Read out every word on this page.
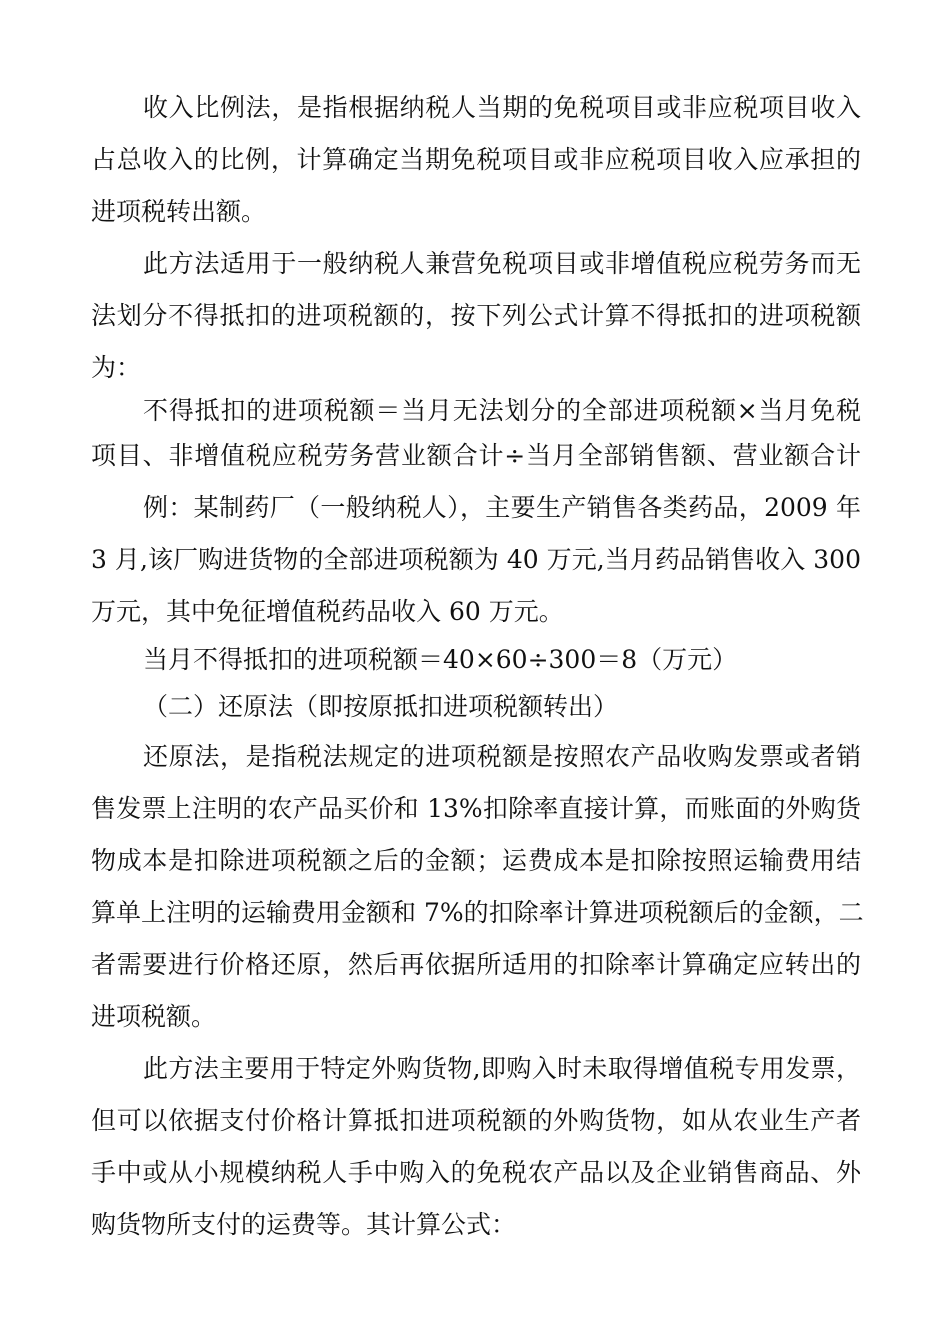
收入比例法，是指根据纳税人当期的免税项目或非应税项目收入
占总收入的比例，计算确定当期免税项目或非应税项目收入应承担的
进项税转出额。
此方法适用于一般纳税人兼营免税项目或非增值税应税劳务而无
法划分不得抵扣的进项税额的，按下列公式计算不得抵扣的进项税额
为：
不得抵扣的进项税额＝当月无法划分的全部进项税额×当月免税
项目、非增值税应税劳务营业额合计÷当月全部销售额、营业额合计
例：某制药厂（一般纳税人），主要生产销售各类药品，2009 年
3 月,该厂购进货物的全部进项税额为 40 万元,当月药品销售收入 300
万元，其中免征增值税药品收入 60 万元。
当月不得抵扣的进项税额＝40×60÷300＝8（万元）
（二）还原法（即按原抵扣进项税额转出）
还原法，是指税法规定的进项税额是按照农产品收购发票或者销
售发票上注明的农产品买价和 13%扣除率直接计算，而账面的外购货
物成本是扣除进项税额之后的金额；运费成本是扣除按照运输费用结
算单上注明的运输费用金额和 7%的扣除率计算进项税额后的金额，二
者需要进行价格还原，然后再依据所适用的扣除率计算确定应转出的
进项税额。
此方法主要用于特定外购货物,即购入时未取得增值税专用发票，
但可以依据支付价格计算抵扣进项税额的外购货物，如从农业生产者
手中或从小规模纳税人手中购入的免税农产品以及企业销售商品、外
购货物所支付的运费等。其计算公式：
